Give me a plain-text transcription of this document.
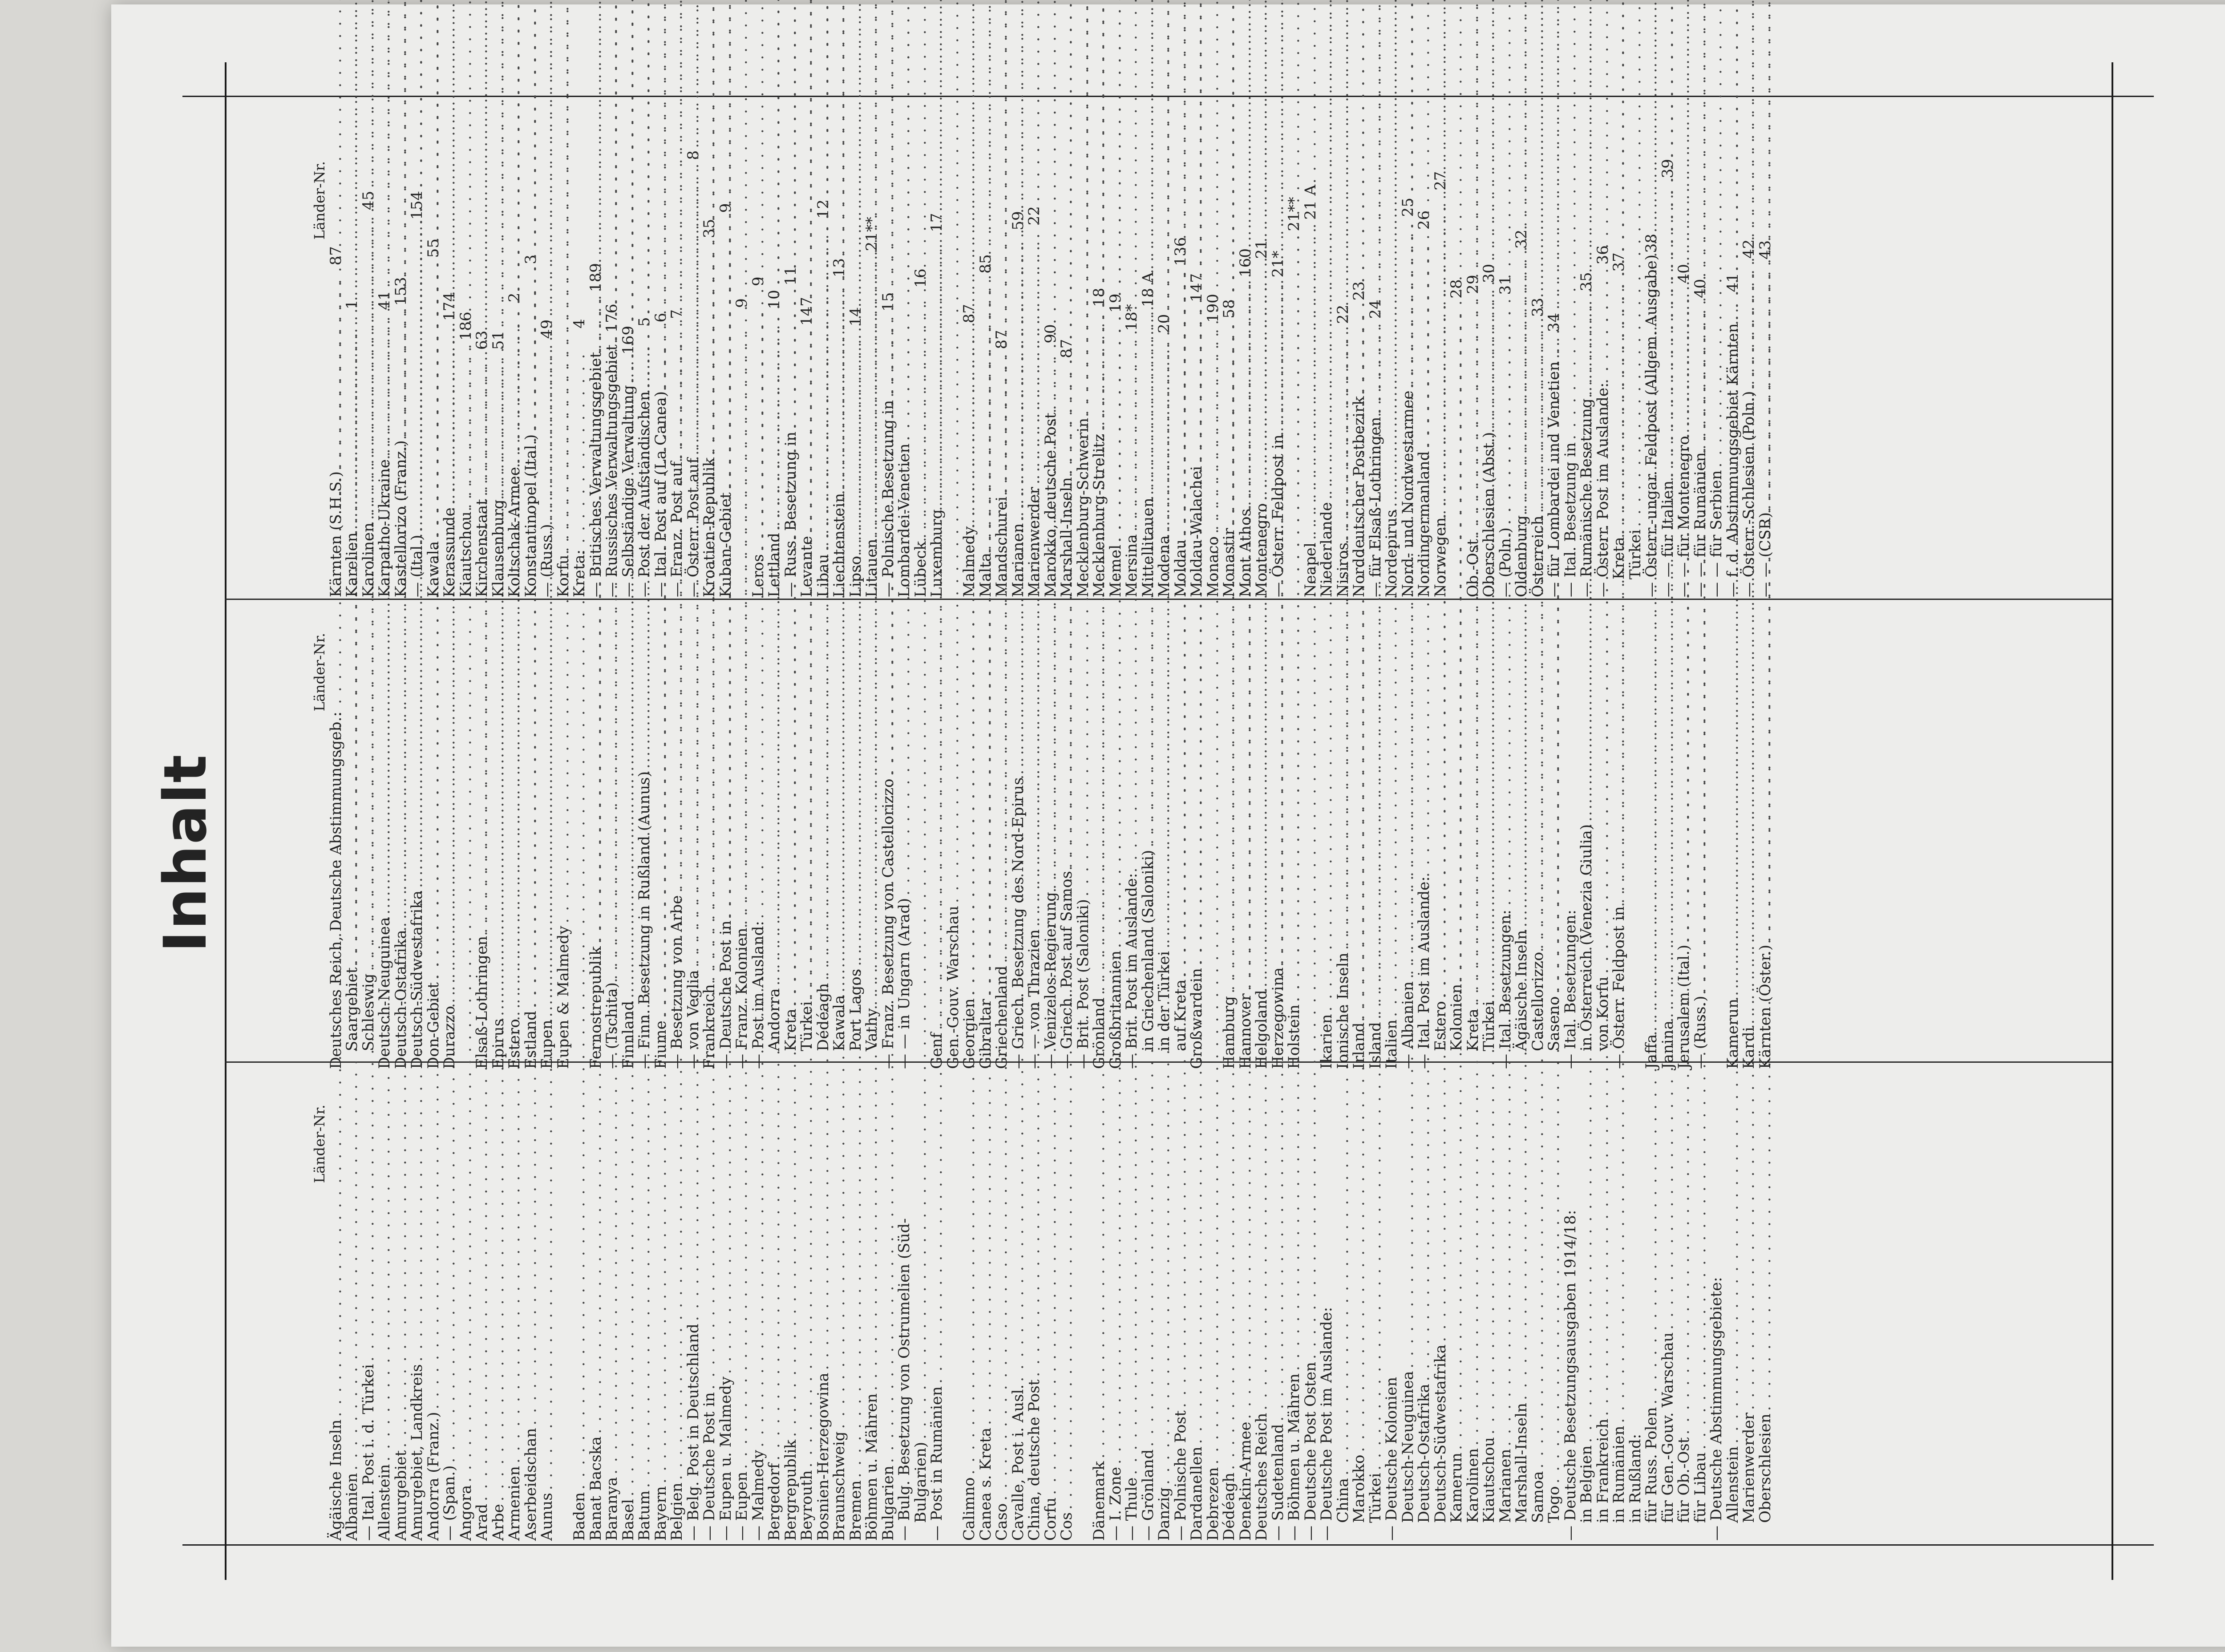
Inhalt
Länder-Nr.
Ägäische Inseln
. . .
87
Albanien
. . .
1
— Ital. Post i. d. Türkei
. . .
45
Allenstein
. . .
41
Amurgebiet
. . .
153
Amurgebiet, Landkreis
. . .
154
Andorra (Franz.)
. . .
55
— (Span.)
. . .
174
Angora
. . .
186
Arad
. . .
63
Arbe
. . .
51
Armenien
. . .
2
Aserbeidschan
. . .
3
Aunus
. . .
49
Baden
. . .
4
Banat Bacska
. . .
189
Baranya
. . .
176
Basel
. . .
169
Batum
. . .
5
Bayern
. . .
6
Belgien
. . .
7
— Belg. Post in Deutschland
. . .
8
— Deutsche Post in
. . .
35
— Eupen u. Malmedy
. . .
9
— Eupen
. . .
9
— Malmedy
. . .
9
Bergedorf
. . .
10
Bergrepublik
. . .
11
Beyrouth
. . .
147
Bosnien-Herzegowina
. . .
12
Braunschweig
. . .
13
Bremen
. . .
14
Böhmen u. Mähren
. . .
21**
Bulgarien
. . .
15
— Bulg. Besetzung von Ostrumelien (Süd-
Bulgarien)
. . .
16
— Post in Rumänien
. . .
17
Calimno
. . .
87
Canea s. Kreta
. . .
85
Caso
. . .
87
Cavalle, Post i. Ausl.
. . .
59
China, deutsche Post
. . .
22
Corfu
. . .
90
Cos
. . .
87
Dänemark
. . .
18
— I. Zone
. . .
19
— Thule
. . .
18*
— Grönland
. . .
18 A
Danzig
. . .
20
— Polnische Post
. . .
136
Dardanellen
. . .
147
Debrezen
. . .
190
Dédéagh
. . .
58
Denekin-Armee
. . .
160
Deutsches Reich
. . .
21
— Sudetenland
. . .
21*
— Böhmen u. Mähren
. . .
21**
— Deutsche Post Osten
. . .
21 A
— Deutsche Post im Auslande:
China
. . .
22
Marokko
. . .
23
Türkei
. . .
24
— Deutsche Kolonien
Deutsch-Neuguinea
. . .
25
Deutsch-Ostafrika
. . .
26
Deutsch-Südwestafrika
. . .
27
Kamerun
. . .
28
Karolinen
. . .
29
Kiautschou
. . .
30
Marianen
. . .
31
Marshall-Inseln
. . .
32
Samoa
. . .
33
Togo
. . .
34
— Deutsche Besetzungsausgaben 1914/18:
in Belgien
. . .
35
in Frankreich
. . .
36
in Rumänien
. . .
37
in Rußland:
für Russ. Polen
. . .
38
für Gen.-Gouv. Warschau
. . .
39
für Ob.-Ost
. . .
40
für Libau
. . .
40
— Deutsche Abstimmungsgebiete:
Allenstein
. . .
41
Marienwerder
. . .
42
Oberschlesien
. . .
43
Länder-Nr.
Deutsches Reich, Deutsche Abstimmungsgeb.:
Saargebiet
. . .
Schleswig
. . .
Deutsch-Neuguinea
. . .
Deutsch-Ostafrika
. . .
Deutsch-Südwestafrika
. . .
Don-Gebiet
. . .
Durazzo
. . . Elsaß-Lothringen
. . .
Epirus
. . .
Estero
. . .
Estland
. . .
Eupen
. . .
Eupen & Malmedy
. . . Fernostrepublik
. . .
— (Tschita)
. . .
Finnland
. . .
— Finn. Besetzung in Rußland (Aunus)
. . .
Fiume
. . .
— Besetzung von Arbe
. . .
— von Veglia
. . .
Frankreich
. . .
— Deutsche Post in
. . .
— Franz. Kolonien
. . .
— Post im Ausland:
Andorra
. . .
Kreta
. . .
Türkei
. . .
Dédéagh
. . .
Kawala
. . .
Port Lagos
. . .
Vathy
. . .
— Franz. Besetzung von Castellorizzo
. . .
— — in Ungarn (Arad)
. . . Genf
. . .
Gen.-Gouv. Warschau
. . .
Georgien
. . .
Gibraltar
. . .
Griechenland
. . .
— Griech. Besetzung des Nord-Epirus
. . .
— — von Thrazien
. . .
— Venizelos-Regierung
. . .
— Griech. Post auf Samos
. . .
— Brit. Post (Saloniki)
. . .
Grönland
. . .
Großbritannien
. . .
— Brit. Post im Auslande:
in Griechenland (Saloniki)
. . .
in der Türkei
. . .
auf Kreta
. . .
Großwardein
. . . Hamburg
. . .
Hannover
. . .
Helgoland
. . .
Herzegowina
. . .
Holstein
. . . Ikarien
. . .
Ionische Inseln
. . .
Irland
. . .
Island
. . .
Italien
. . .
— Albanien
. . .
— Ital. Post im Auslande:
Estero
. . .
Kolonien
. . .
Kreta
. . .
Türkei
. . .
— Ital. Besetzungen:
Ägäische Inseln
. . .
Castellorizzo
. . .
Saseno
. . .
— Ital. Besetzungen:
in Österreich (Venezia Giulia)
. . .
von Korfu
. . .
— Österr. Feldpost in
. . . Jaffa
. . .
Janina
. . .
Jerusalem (Ital.)
. . .
— (Russ.)
. . . Kamerun
. . .
Kardi
. . .
Kärnten (Öster.)
. . .
Länder-Nr.
Kärnten (S.H.S.)
. . .
Karelien
. . .
Karolinen
. . .
Karpatho-Ukraine
. . .
Kastellorizo (Franz.)
. . .
— (Ital.)
. . .
Kawala
. . .
Kerassunde
. . .
Kiautschou
. . .
Kirchenstaat
. . .
Klausenburg
. . .
Koltschak-Armee
. . .
Konstantinopel (Ital.)
. . .
— (Russ.)
. . .
Korfu
. . .
Kreta:
— Britisches Verwaltungsgebiet
. . .
— Russisches Verwaltungsgebiet
. . .
— Selbständige Verwaltung
. . .
— Post der Aufständischen
. . .
— Ital. Post auf (La Canea)
. . .
— Franz. Post auf
. . .
— Österr. Post auf
. . .
Kroatien-Republik
. . .
Kuban-Gebiet
. . . Leros
. . .
Lettland
. . .
— Russ. Besetzung in
. . .
Levante
. . .
Libau
. . .
Liechtenstein
. . .
Lipso
. . .
Litauen
. . .
— Polnische Besetzung in
. . .
Lombardei-Venetien
. . .
Lübeck
. . .
Luxemburg
. . . Malmedy
. . .
Malta
. . .
Mandschurei
. . .
Marianen
. . .
Marienwerder
. . .
Marokko, deutsche Post
. . .
Marshall-Inseln
. . .
Mecklenburg-Schwerin
. . .
Mecklenburg-Strelitz
. . .
Memel
. . .
Mersina
. . .
Mittellitauen
. . .
Modena
. . .
Moldau
. . .
Moldau-Walachei
. . .
Monaco
. . .
Monastir
. . .
Mont Athos
. . .
Montenegro
. . .
— Österr. Feldpost in
. . . Neapel
. . .
Niederlande
. . .
Nisiros
. . .
Norddeutscher Postbezirk
. . .
— für Elsaß-Lothringen
. . .
Nordepirus
. . .
Nord- und Nordwestarmee
. . .
Nordingermanland
. . .
Norwegen
. . . Ob.-Ost
. . .
Oberschlesien (Abst.)
. . .
— (Poln.)
. . .
Oldenburg
. . .
Österreich
. . .
— für Lombardei und Venetien
. . .
— Ital. Besetzung in
. . .
— Rumänische Besetzung
. . .
— Österr. Post im Auslande:
Kreta
. . .
Türkei
. . .
— Österr.-ungar. Feldpost (Allgem. Ausgabe)
. . .
— — für Italien
. . .
— — für Montenegro
. . .
— — für Rumänien
. . .
— — für Serbien
. . .
— f. d. Abstimmungsgebiet Kärnten
. . .
— Österr.-Schlesien (Poln.)
. . .
— — (CSR)
. . .
